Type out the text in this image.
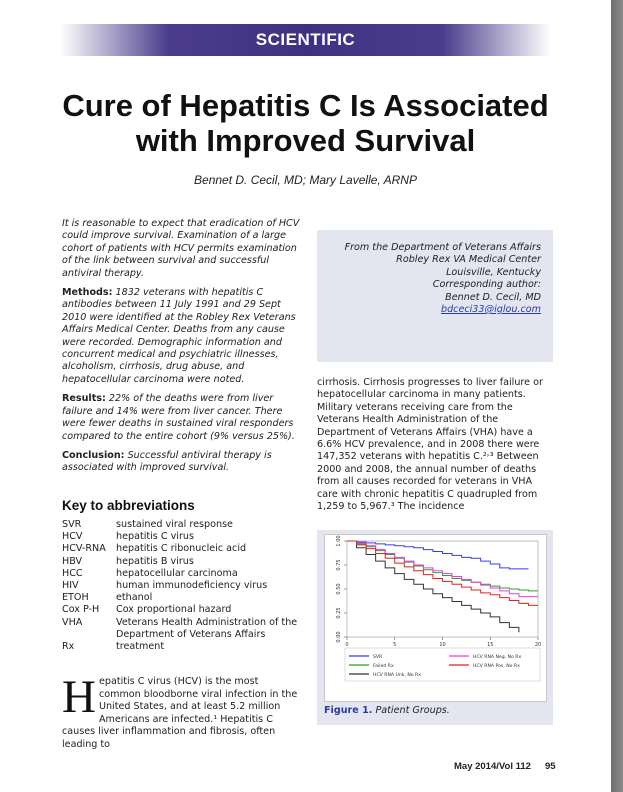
SCIENTIFIC
Cure of Hepatitis C Is Associated
with Improved Survival
Bennet D. Cecil, MD; Mary Lavelle, ARNP

It is reasonable to expect that eradication of HCV could improve survival. Examination of a large cohort of patients with HCV permits examination of the link between survival and successful antiviral therapy.

Methods: 1832 veterans with hepatitis C antibodies between 11 July 1991 and 29 Sept 2010 were identified at the Robley Rex Veterans Affairs Medical Center. Deaths from any cause were recorded. Demographic information and concurrent medical and psychiatric illnesses, alcoholism, cirrhosis, drug abuse, and hepatocellular carcinoma were noted.

Results: 22% of the deaths were from liver failure and 14% were from liver cancer. There were fewer deaths in sustained viral responders compared to the entire cohort (9% versus 25%).

Conclusion: Successful antiviral therapy is associated with improved survival.

Key to abbreviations
SVR	sustained viral response
HCV	hepatitis C virus
HCV-RNA	hepatitis C ribonucleic acid
HBV	hepatitis B virus
HCC	hepatocellular carcinoma
HIV	human immunodeficiency virus
ETOH	ethanol
Cox P-H	Cox proportional hazard
VHA	Veterans Health Administration of the Department of Veterans Affairs
Rx	treatment
Hepatitis C virus (HCV) is the most common bloodborne viral infection in the United States, and at least 5.2 million Americans are infected.¹ Hepatitis C causes liver inflammation and fibrosis, often leading to
From the Department of Veterans Affairs
Robley Rex VA Medical Center
Louisville, Kentucky
Corresponding author:
Bennet D. Cecil, MD
bdceci33@iglou.com
cirrhosis. Cirrhosis progresses to liver failure or hepatocellular carcinoma in many patients. Military veterans receiving care from the Veterans Health Administration of the Department of Veterans Affairs (VHA) have a 6.6% HCV prevalence, and in 2008 there were 147,352 veterans with hepatitis C.²˒³ Between 2000 and 2008, the annual number of deaths from all causes recorded for veterans in VHA care with chronic hepatitis C quadrupled from 1,259 to 5,967.³ The incidence
0.00
0.25
0.50
0.75
1.00
0	5	10	15	20
SVR
Failed Rx
HCV RNA Unk, No Rx
HCV RNA Neg, No Rx
HCV RNA Pos, No Rx
Figure 1. Patient Groups.
May 2014/Vol 112 95
